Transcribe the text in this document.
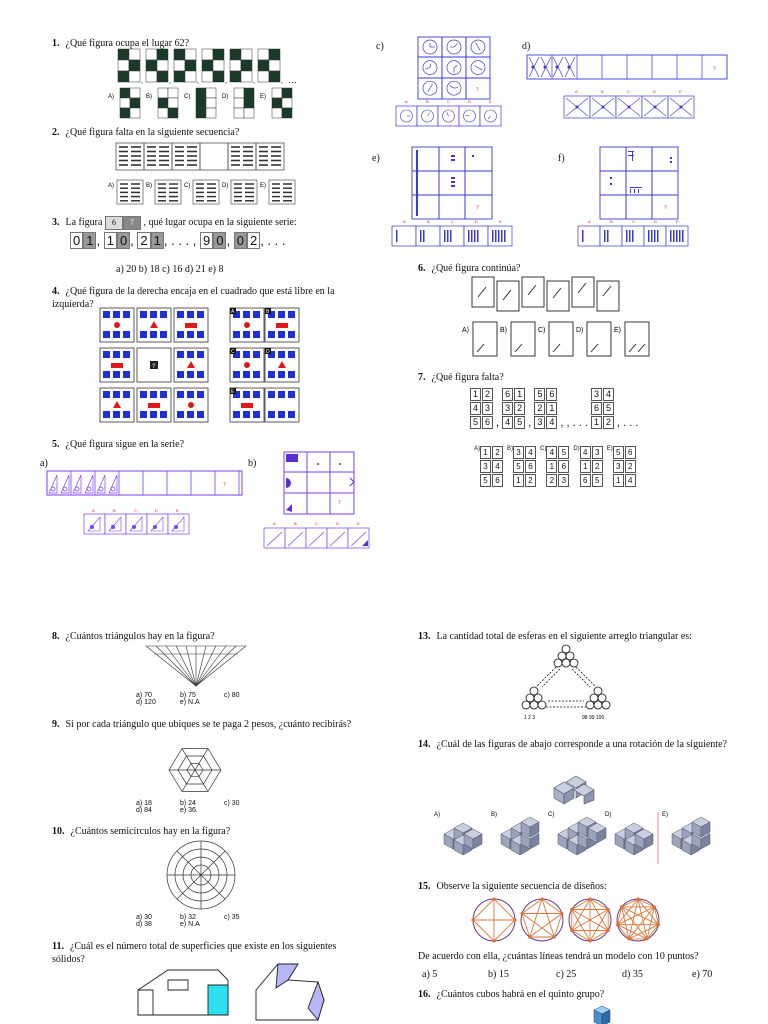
1. ¿Qué figura ocupa el lugar 62?
,	,	,	,	,	, …
A)	B)	C)	D)	E)
2. ¿Qué figura falta en la siguiente secuencia?
A)	B)	C)	D)	E)
3. La figura 6 7 , qué lugar ocupa en la siguiente serie:
0 1 , 1 0 , 2 1 , . . . , 9 0 , 0 2 , . . .
a) 20 b) 18 c) 16 d) 21 e) 8
4. ¿Qué figura de la derecha encaja en el cuadrado que está libre en la izquierda?
?
A	B
C	D
E
5. ¿Qué figura sigue en la serie?
a)
?
A	B	C	D	E
b)
?
A	B	C	D	E
8. ¿Cuántos triángulos hay en la figura?
a) 70	b) 75	c) 80
d) 120	e) N.A
9. Si por cada triángulo que ubiques se te paga 2 pesos, ¿cuánto recibirás?
a) 18	b) 24	c) 30
d) 84	e) 36.
10. ¿Cuántos semicírculos hay en la figura?
a) 30	b) 32	c) 35
d) 38	e) N.A
11. ¿Cuál es el número total de superficies que existe en los siguientes sólidos?
c)
?
A	B	C	D	E
d)
?
A	B	C	D	E
e)
?
A	B	C	D	E
f)
?
A	B	C	D	E
6. ¿Qué figura continúa?
A)	B)	C)	D)	E)
7. ¿Qué figura falta?
1 2
4 3
5 6 ,
6 1
3 2
4 5 ,
5 6
2 1
3 4 , , . . .
3 4
6 5
1 2 , . . .
$^{A)}$ 1 2
3 4
5 6
$^{B)}$ 3 4
5 6
1 2
$^{C)}$ 4 5
1 6
2 3
$^{D)}$ 4 3
1 2
6 5
$^{E)}$ 5 6
3 2
1 4
13. La cantidad total de esferas en el siguiente arreglo triangular es:
1 2 3	98 99 100
14. ¿Cuál de las figuras de abajo corresponde a una rotación de la siguiente?
A)	B)	C)	D)	E)
15. Observe la siguiente secuencia de diseños:
De acuerdo con ella, ¿cuántas líneas tendrá un modelo con 10 puntos?
a) 5	b) 15	c) 25	d) 35	e) 70
16. ¿Cuántos cubos habrá en el quinto grupo?
